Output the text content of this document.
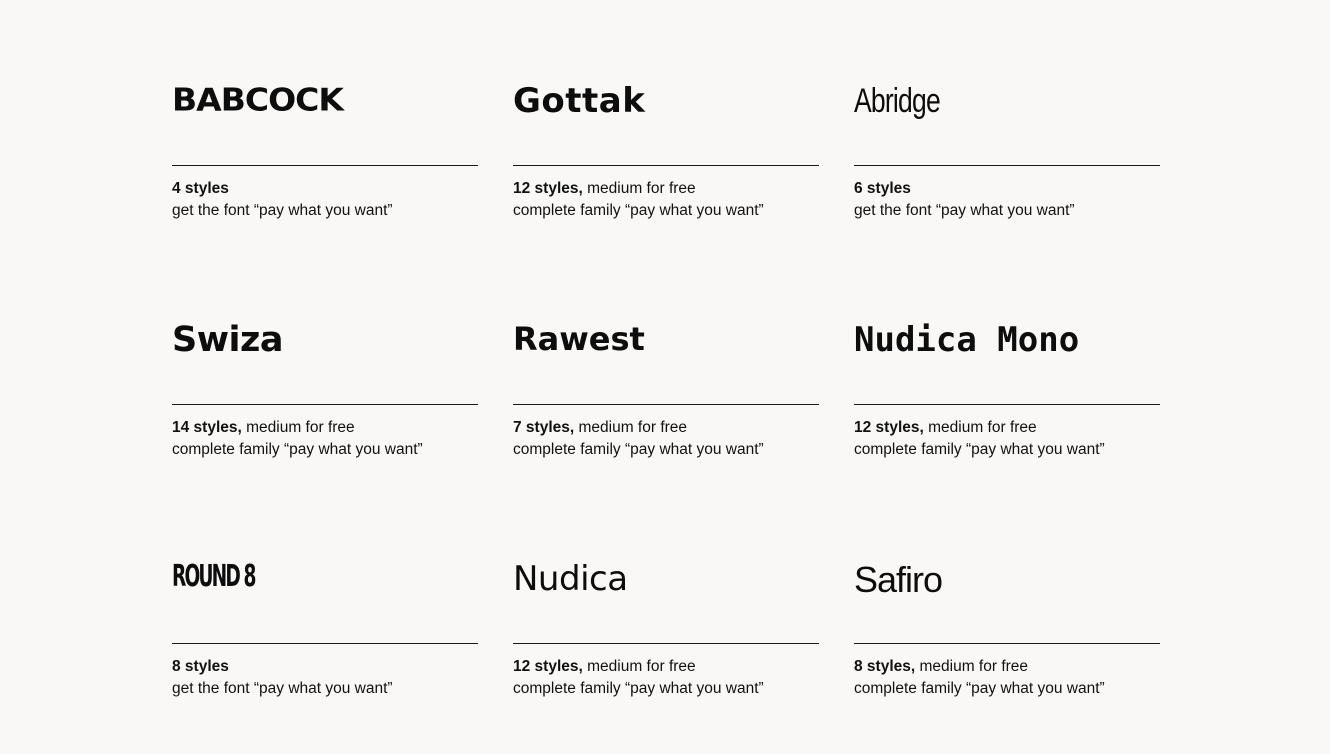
BABCOCK
4 styles
get the font “pay what you want”
Gottak
12 styles, medium for free
complete family “pay what you want”
Abridge
6 styles
get the font “pay what you want”
Swiza
14 styles, medium for free
complete family “pay what you want”
Rawest
7 styles, medium for free
complete family “pay what you want”
Nudica Mono
12 styles, medium for free
complete family “pay what you want”
ROUND 8
8 styles
get the font “pay what you want”
Nudica
12 styles, medium for free
complete family “pay what you want”
Safiro
8 styles, medium for free
complete family “pay what you want”
